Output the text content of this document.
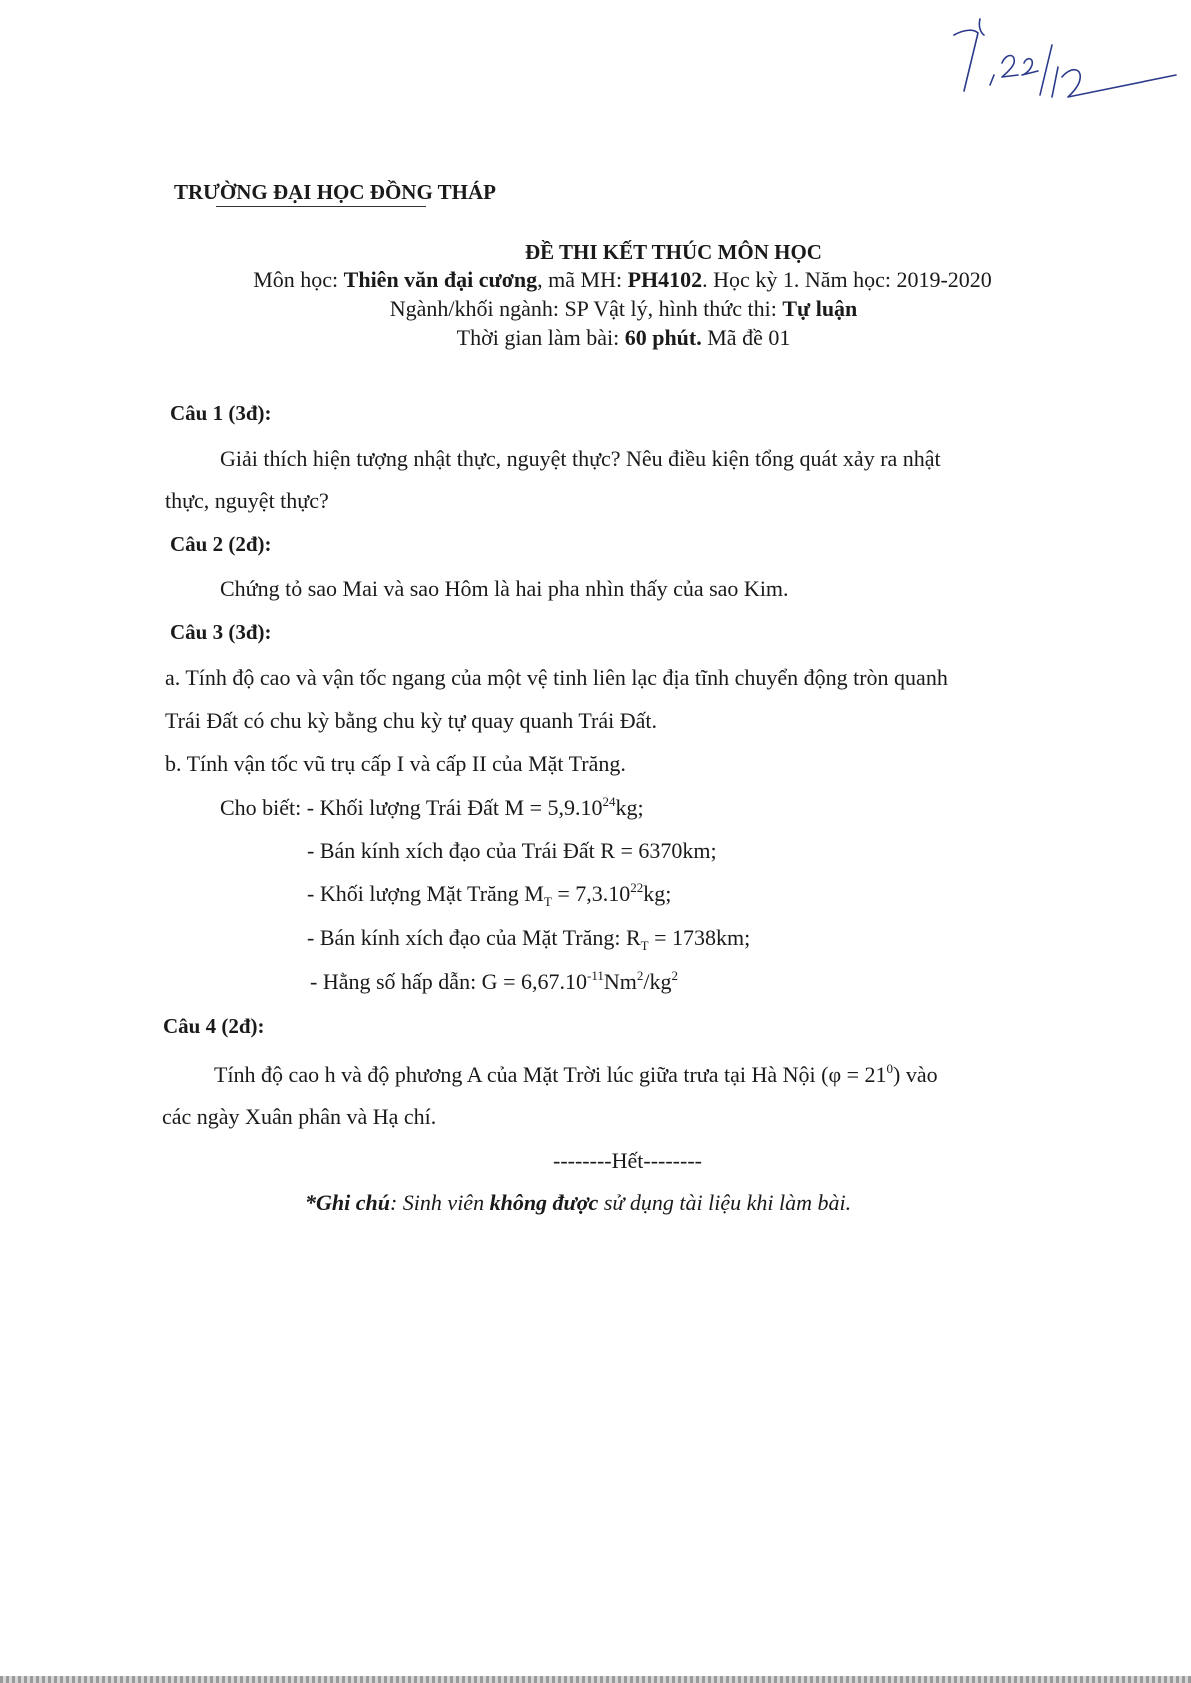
TRƯỜNG ĐẠI HỌC ĐỒNG THÁP
ĐỀ THI KẾT THÚC MÔN HỌC
Môn học: Thiên văn đại cương, mã MH: PH4102. Học kỳ 1. Năm học: 2019-2020
Ngành/khối ngành: SP Vật lý, hình thức thi: Tự luận
Thời gian làm bài: 60 phút. Mã đề 01
Câu 1 (3đ):
Giải thích hiện tượng nhật thực, nguyệt thực? Nêu điều kiện tổng quát xảy ra nhật
thực, nguyệt thực?
Câu 2 (2đ):
Chứng tỏ sao Mai và sao Hôm là hai pha nhìn thấy của sao Kim.
Câu 3 (3đ):
a. Tính độ cao và vận tốc ngang của một vệ tinh liên lạc địa tĩnh chuyển động tròn quanh
Trái Đất có chu kỳ bằng chu kỳ tự quay quanh Trái Đất.
b. Tính vận tốc vũ trụ cấp I và cấp II của Mặt Trăng.
Cho biết: - Khối lượng Trái Đất $M = 5,9.10^{24}kg$;
- Bán kính xích đạo của Trái Đất R = 6370km;
- Khối lượng Mặt Trăng $M_T = 7,3.10^{22}kg$;
- Bán kính xích đạo của Mặt Trăng: $R_T = 1738km$;
- Hằng số hấp dẫn: $G = 6,67.10^{-11}Nm^2/kg^2$
Câu 4 (2đ):
Tính độ cao h và độ phương A của Mặt Trời lúc giữa trưa tại Hà Nội $(\varphi = 21^0)$ vào
các ngày Xuân phân và Hạ chí.
--------Hết--------
*Ghi chú: Sinh viên không được sử dụng tài liệu khi làm bài.
